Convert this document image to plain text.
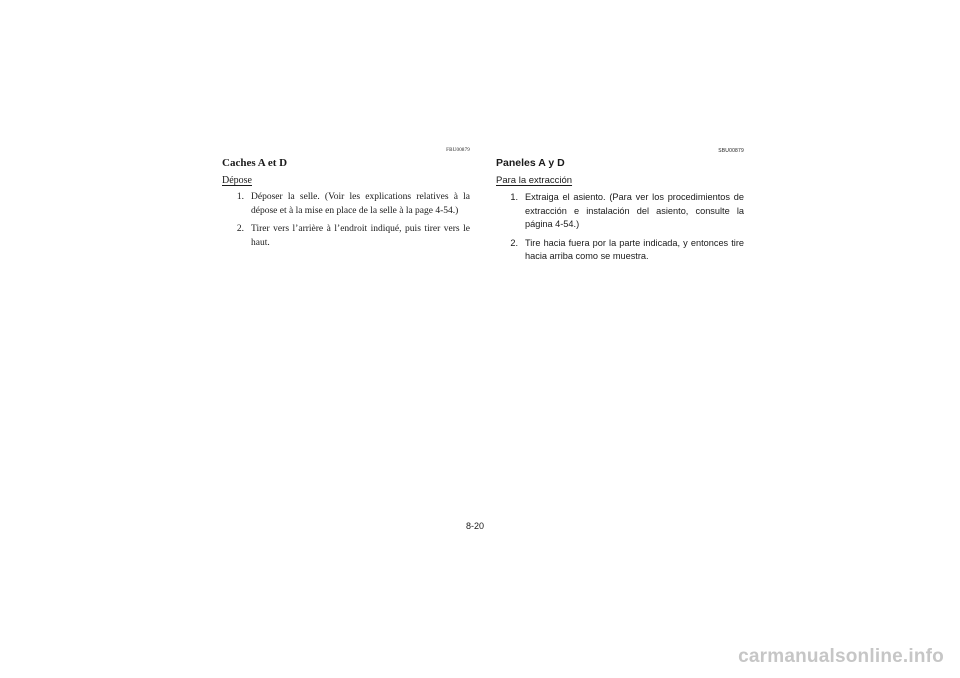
FBU00879
Caches A et D
Dépose
1. Déposer la selle. (Voir les explications relatives à la dépose et à la mise en place de la selle à la page 4-54.)
2. Tirer vers l’arrière à l’endroit indiqué, puis tirer vers le haut.
SBU00879
Paneles A y D
Para la extracción
1. Extraiga el asiento. (Para ver los procedimientos de extracción e instalación del asiento, consulte la página 4-54.)
2. Tire hacia fuera por la parte indicada, y entonces tire hacia arriba como se muestra.
8-20
carmanualsonline.info
